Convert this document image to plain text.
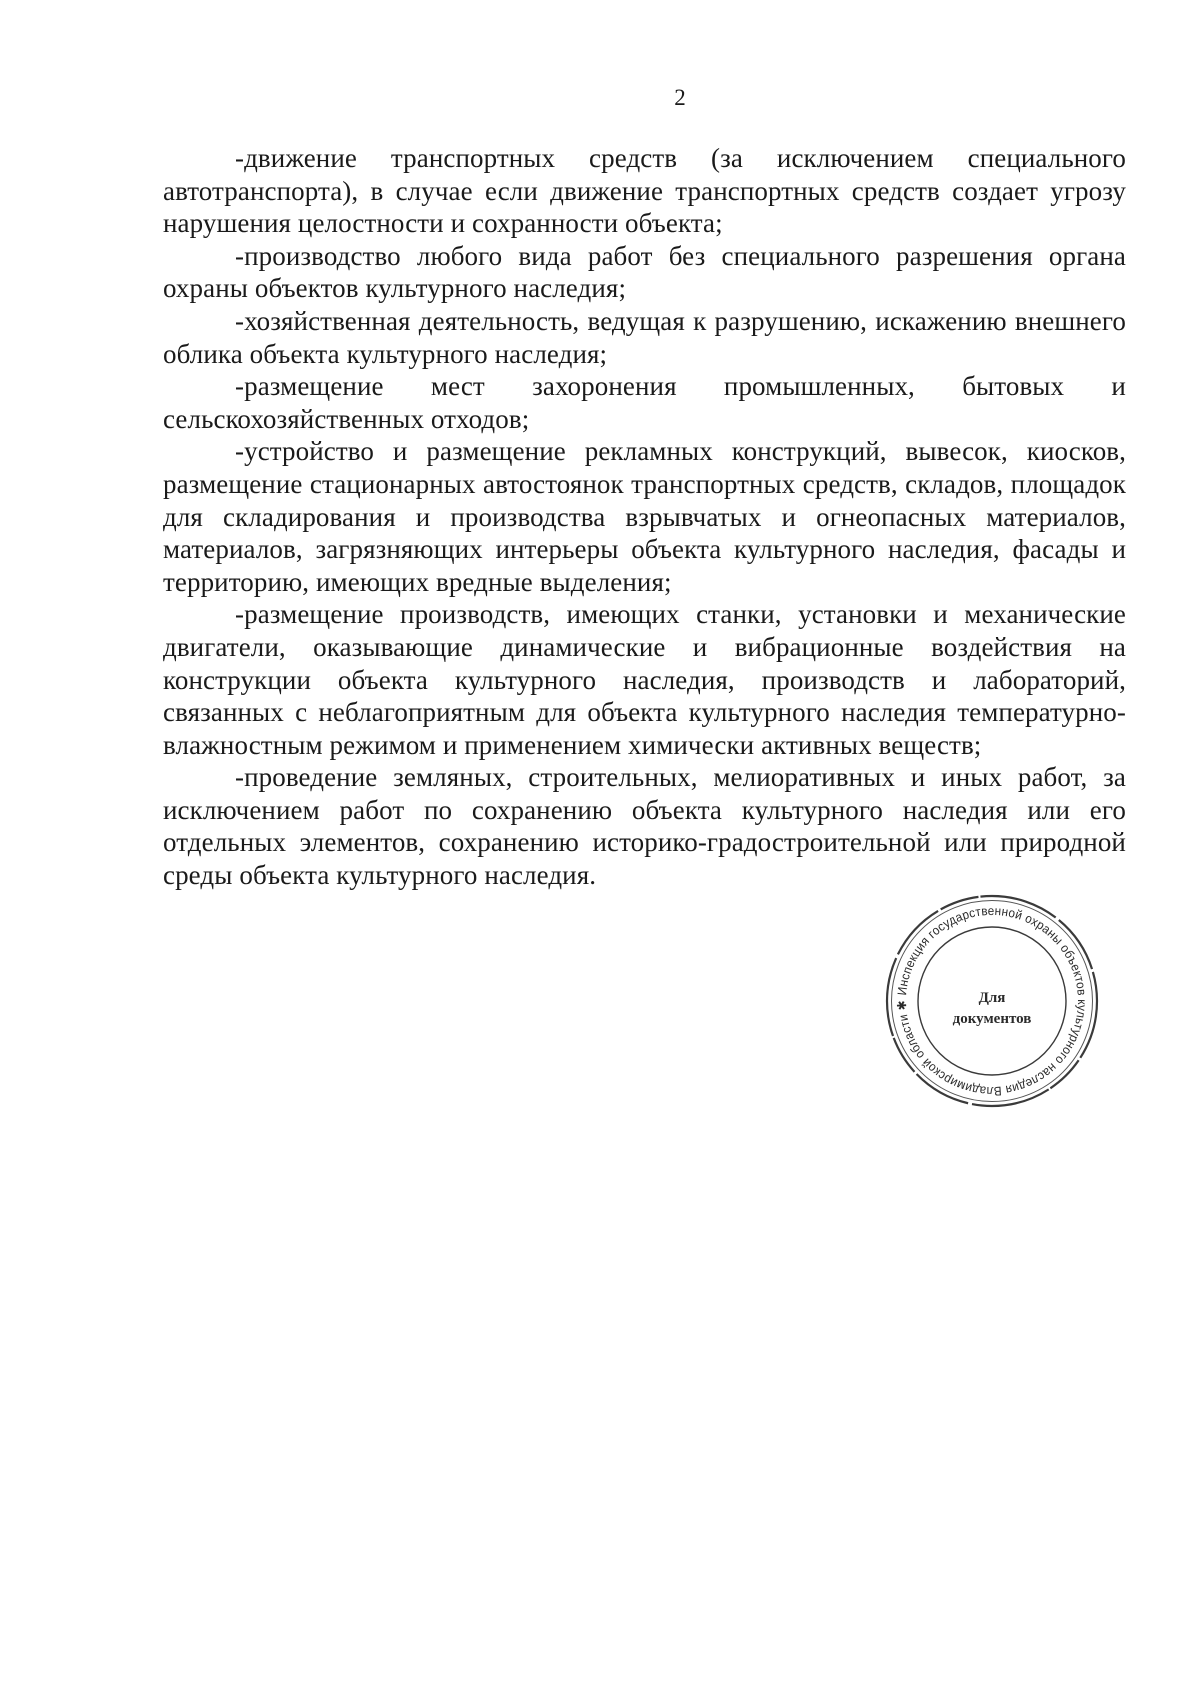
2

-движение транспортных средств (за исключением специального автотранспорта), в случае если движение транспортных средств создает угрозу нарушения целостности и сохранности объекта;

-производство любого вида работ без специального разрешения органа охраны объектов культурного наследия;

-хозяйственная деятельность, ведущая к разрушению, искажению внешнего облика объекта культурного наследия;

-размещение мест захоронения промышленных, бытовых и сельскохозяйственных отходов;

-устройство и размещение рекламных конструкций, вывесок, киосков, размещение стационарных автостоянок транспортных средств, складов, площадок для складирования и производства взрывчатых и огнеопасных материалов, материалов, загрязняющих интерьеры объекта культурного наследия, фасады и территорию, имеющих вредные выделения;

-размещение производств, имеющих станки, установки и механические двигатели, оказывающие динамические и вибрационные воздействия на конструкции объекта культурного наследия, производств и лабораторий, связанных с неблагоприятным для объекта культурного наследия температурно-влажностным режимом и применением химически активных веществ;

-проведение земляных, строительных, мелиоративных и иных работ, за исключением работ по сохранению объекта культурного наследия или его отдельных элементов, сохранению историко-градостроительной или природной среды объекта культурного наследия.

Инспекция государственной охраны объектов культурного наследия Владимирской области ✱	Для
документов
